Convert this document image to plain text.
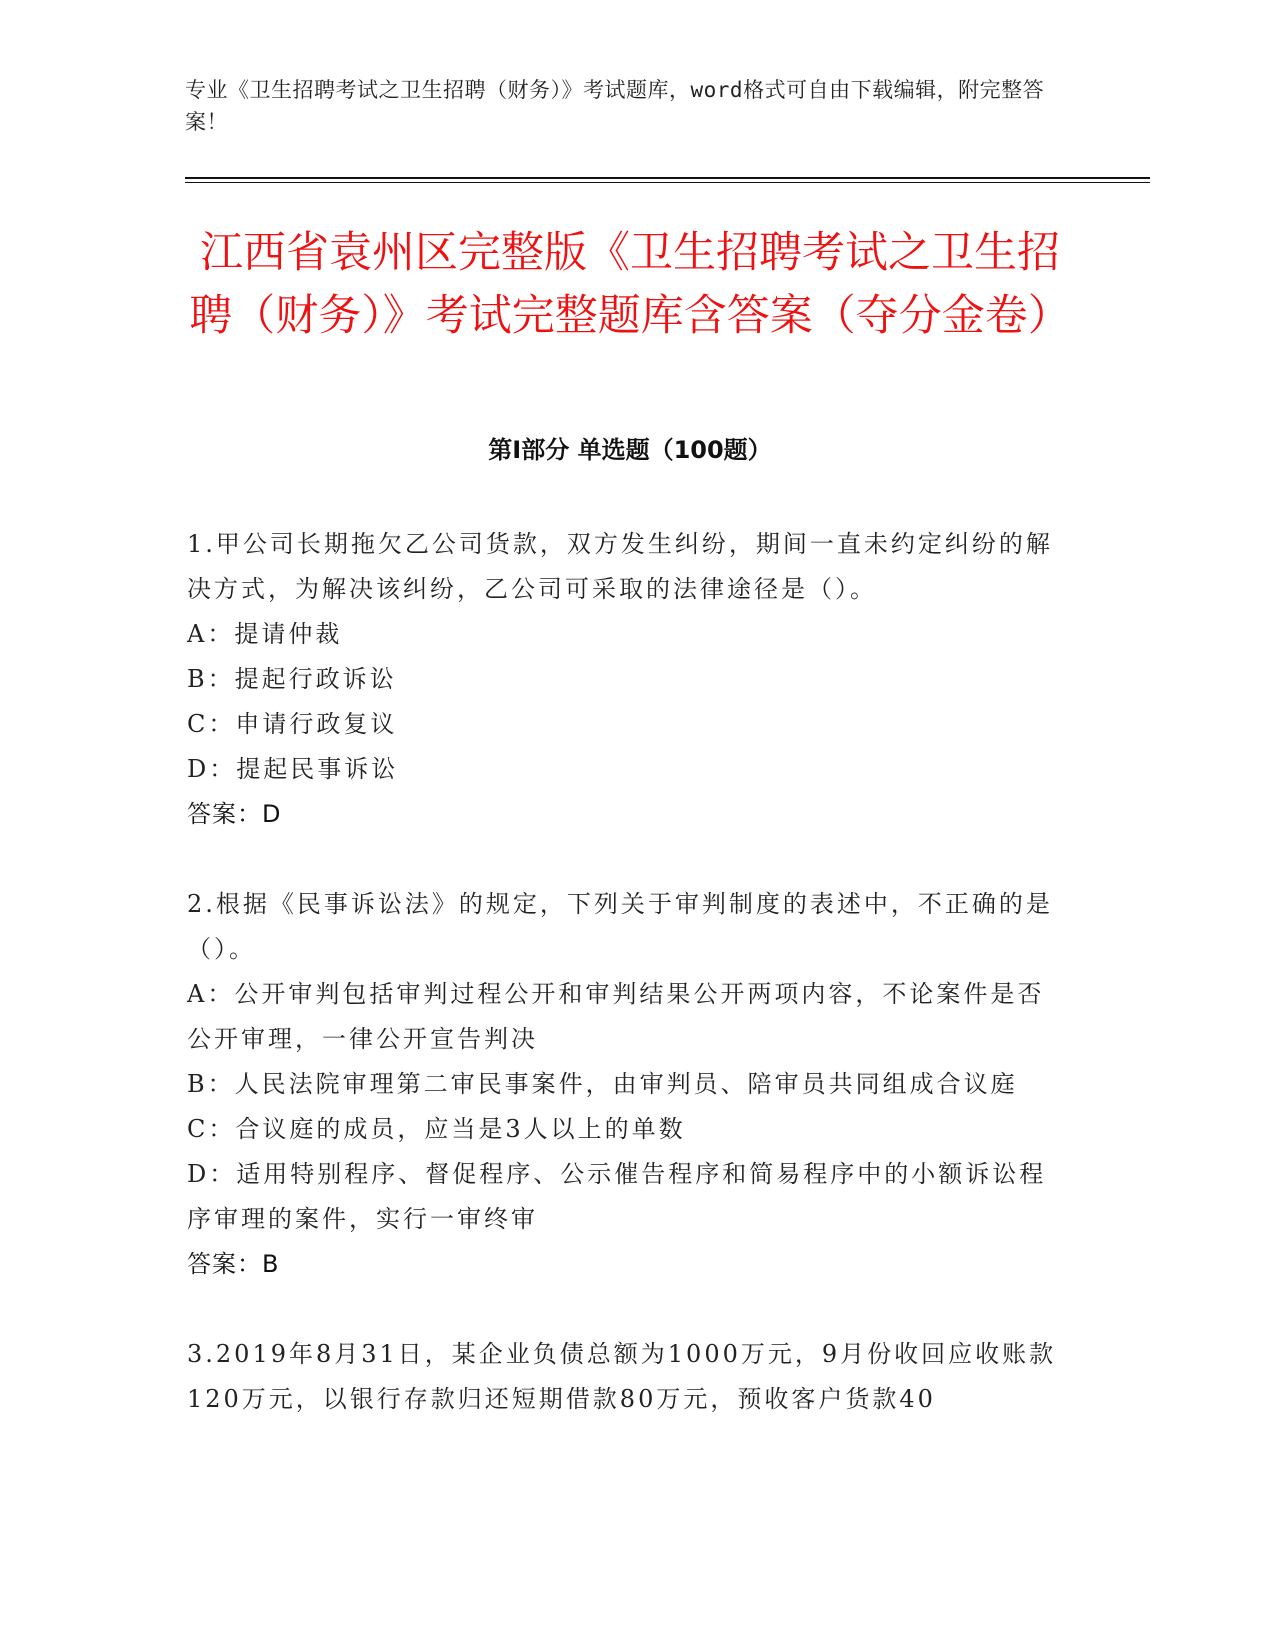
专业《卫生招聘考试之卫生招聘（财务）》考试题库，word格式可自由下载编辑，附完整答案！
江西省袁州区完整版《卫生招聘考试之卫生招聘（财务）》考试完整题库含答案（夺分金卷）
第Ⅰ部分 单选题（100题）

1.甲公司长期拖欠乙公司货款，双方发生纠纷，期间一直未约定纠纷的解决方式，为解决该纠纷，乙公司可采取的法律途径是（）。

A：提请仲裁

B：提起行政诉讼

C：申请行政复议

D：提起民事诉讼

答案：D

2.根据《民事诉讼法》的规定，下列关于审判制度的表述中，不正确的是（）。

A：公开审判包括审判过程公开和审判结果公开两项内容，不论案件是否公开审理，一律公开宣告判决

B：人民法院审理第二审民事案件，由审判员、陪审员共同组成合议庭

C：合议庭的成员，应当是3人以上的单数

D：适用特别程序、督促程序、公示催告程序和简易程序中的小额诉讼程序审理的案件，实行一审终审

答案：B

3.2019年8月31日，某企业负债总额为1000万元，9月份收回应收账款120万元，以银行存款归还短期借款80万元，预收客户货款40
